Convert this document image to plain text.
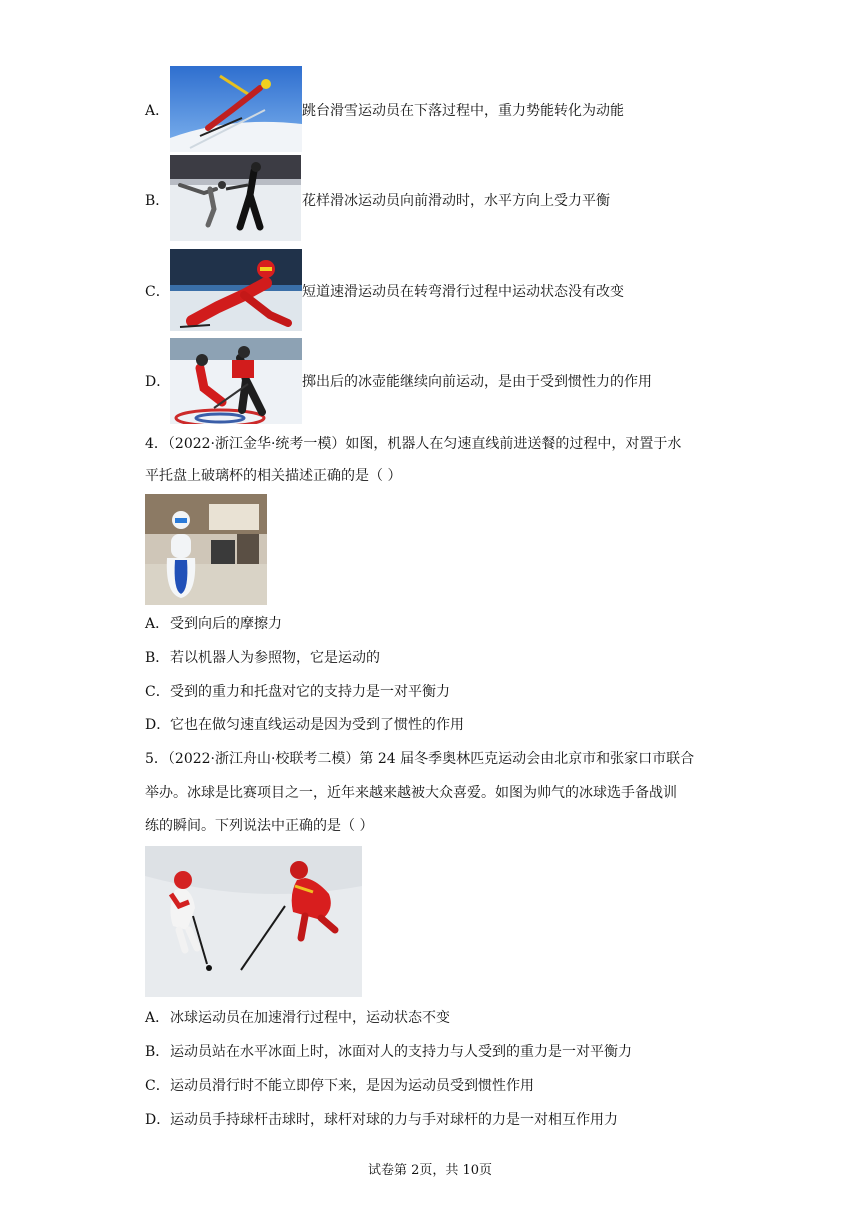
A．	跳台滑雪运动员在下落过程中，重力势能转化为动能
B．	花样滑冰运动员向前滑动时，水平方向上受力平衡
C．	短道速滑运动员在转弯滑行过程中运动状态没有改变
D．	掷出后的冰壶能继续向前运动，是由于受到惯性力的作用
4．（2022·浙江金华·统考一模）如图，机器人在匀速直线前进送餐的过程中，对置于水
平托盘上破璃杯的相关描述正确的是（ ）
A． 受到向后的摩擦力
B． 若以机器人为参照物，它是运动的
C． 受到的重力和托盘对它的支持力是一对平衡力
D． 它也在做匀速直线运动是因为受到了惯性的作用
5．（2022·浙江舟山·校联考二模）第 24 届冬季奥林匹克运动会由北京市和张家口市联合
举办。冰球是比赛项目之一，近年来越来越被大众喜爱。如图为帅气的冰球选手备战训
练的瞬间。下列说法中正确的是（ ）
A． 冰球运动员在加速滑行过程中，运动状态不变
B． 运动员站在水平冰面上时，冰面对人的支持力与人受到的重力是一对平衡力
C． 运动员滑行时不能立即停下来，是因为运动员受到惯性作用
D． 运动员手持球杆击球时，球杆对球的力与手对球杆的力是一对相互作用力
试卷第 2页，共 10页
